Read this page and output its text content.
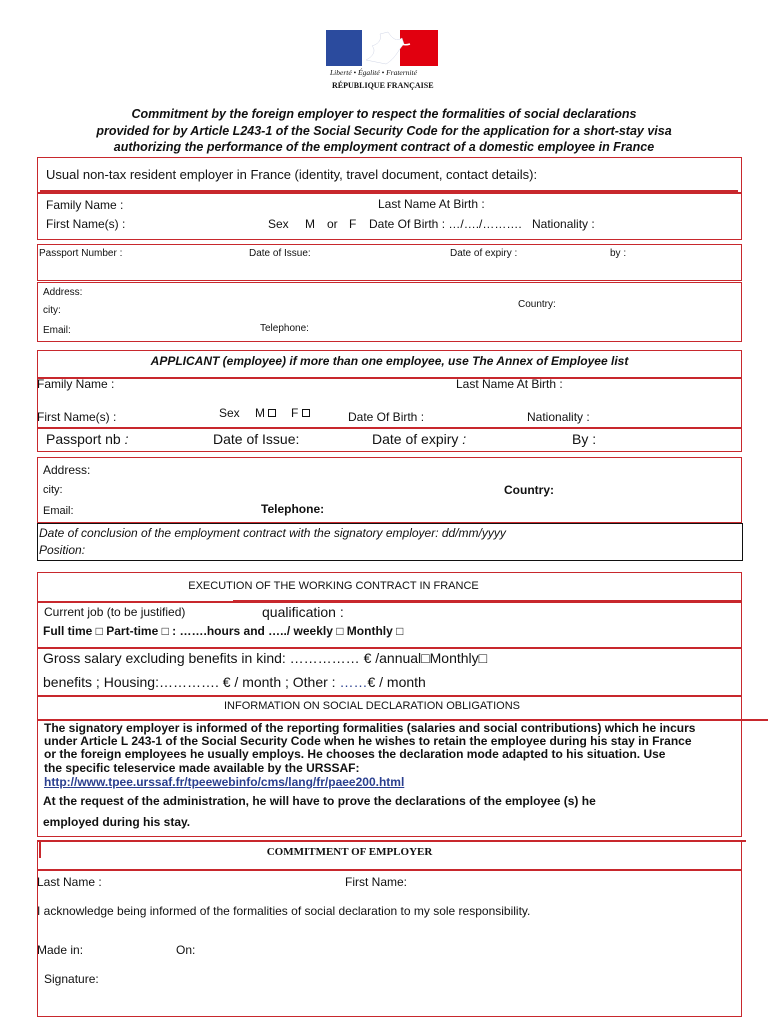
Liberté • Égalité • Fraternité
RÉPUBLIQUE FRANÇAISE
Commitment by the foreign employer to respect the formalities of social declarations
provided for by Article L243-1 of the Social Security Code for the application for a short-stay visa
authorizing the performance of the employment contract of a domestic employee in France
Usual non-tax resident employer in France (identity, travel document, contact details):
Family Name :	Last Name At Birth :
First Name(s) :	Sex M or F Date Of Birth : …/…./………. Nationality :
Passport Number :	Date of Issue:	Date of expiry :	by :
Address:
city:
Country:
Email:	Telephone:
APPLICANT (employee) if more than one employee, use The Annex of Employee list
Family Name :	Last Name At Birth :
First Name(s) :	Sex M F	Date Of Birth :	Nationality :
Passport nb :	Date of Issue:	Date of expiry :	By :
Address:
city:	Country:
Email:	Telephone:
Date of conclusion of the employment contract with the signatory employer: dd/mm/yyyy
Position:
EXECUTION OF THE WORKING CONTRACT IN FRANCE
Current job (to be justified)	qualification :
Full time □ Part-time □ : …….hours and …../ weekly □ Monthly □
Gross salary excluding benefits in kind: …………… € /annual□Monthly□
benefits ; Housing:…………. € / month ; Other : ……€ / month
INFORMATION ON SOCIAL DECLARATION OBLIGATIONS
The signatory employer is informed of the reporting formalities (salaries and social contributions) which he incurs
under Article L 243-1 of the Social Security Code when he wishes to retain the employee during his stay in France
or the foreign employees he usually employs. He chooses the declaration mode adapted to his situation. Use
the specific teleservice made available by the URSSAF:
http://www.tpee.urssaf.fr/tpeewebinfo/cms/lang/fr/paee200.html
At the request of the administration, he will have to prove the declarations of the employee (s) he
employed during his stay.
COMMITMENT OF EMPLOYER
Last Name :	First Name:
I acknowledge being informed of the formalities of social declaration to my sole responsibility.
Made in:	On:
Signature:
